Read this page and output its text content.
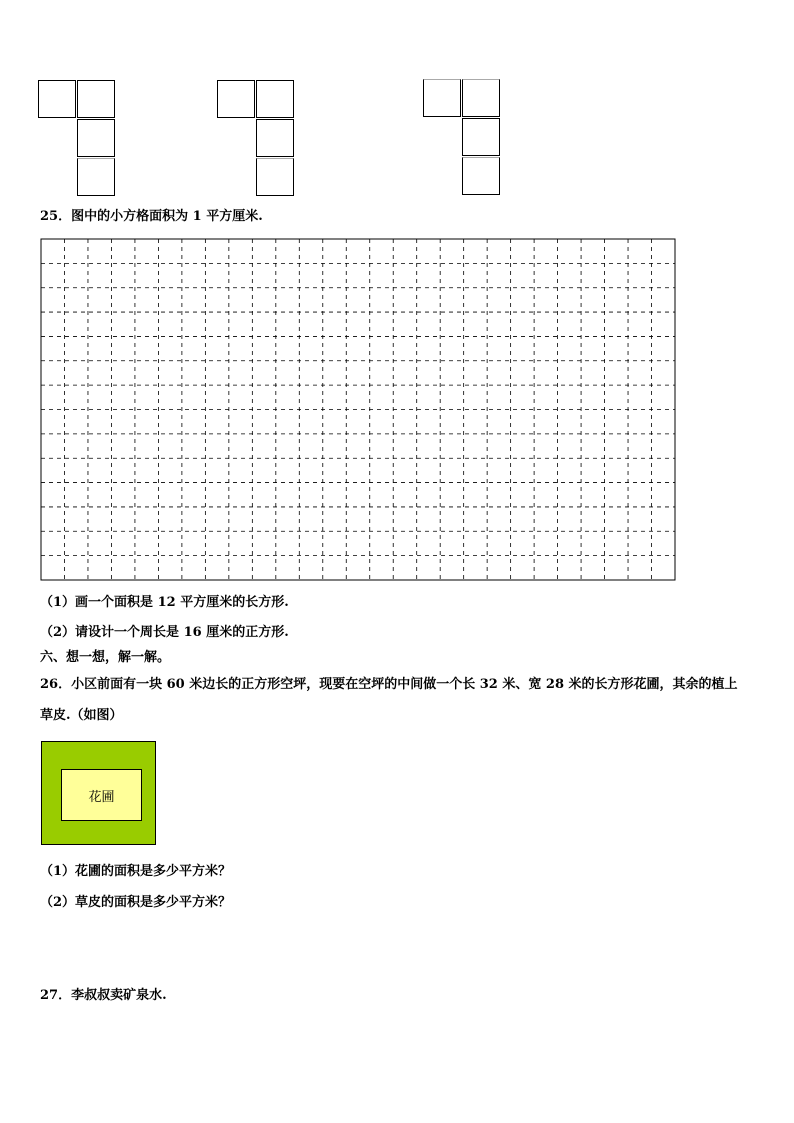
25．图中的小方格面积为 1 平方厘米.
（1）画一个面积是 12 平方厘米的长方形.
（2）请设计一个周长是 16 厘米的正方形.
六、想一想，解一解。
26．小区前面有一块 60 米边长的正方形空坪，现要在空坪的中间做一个长 32 米、宽 28 米的长方形花圃，其余的植上
草皮.（如图）
花圃
（1）花圃的面积是多少平方米？
（2）草皮的面积是多少平方米？
27．李叔叔卖矿泉水.
